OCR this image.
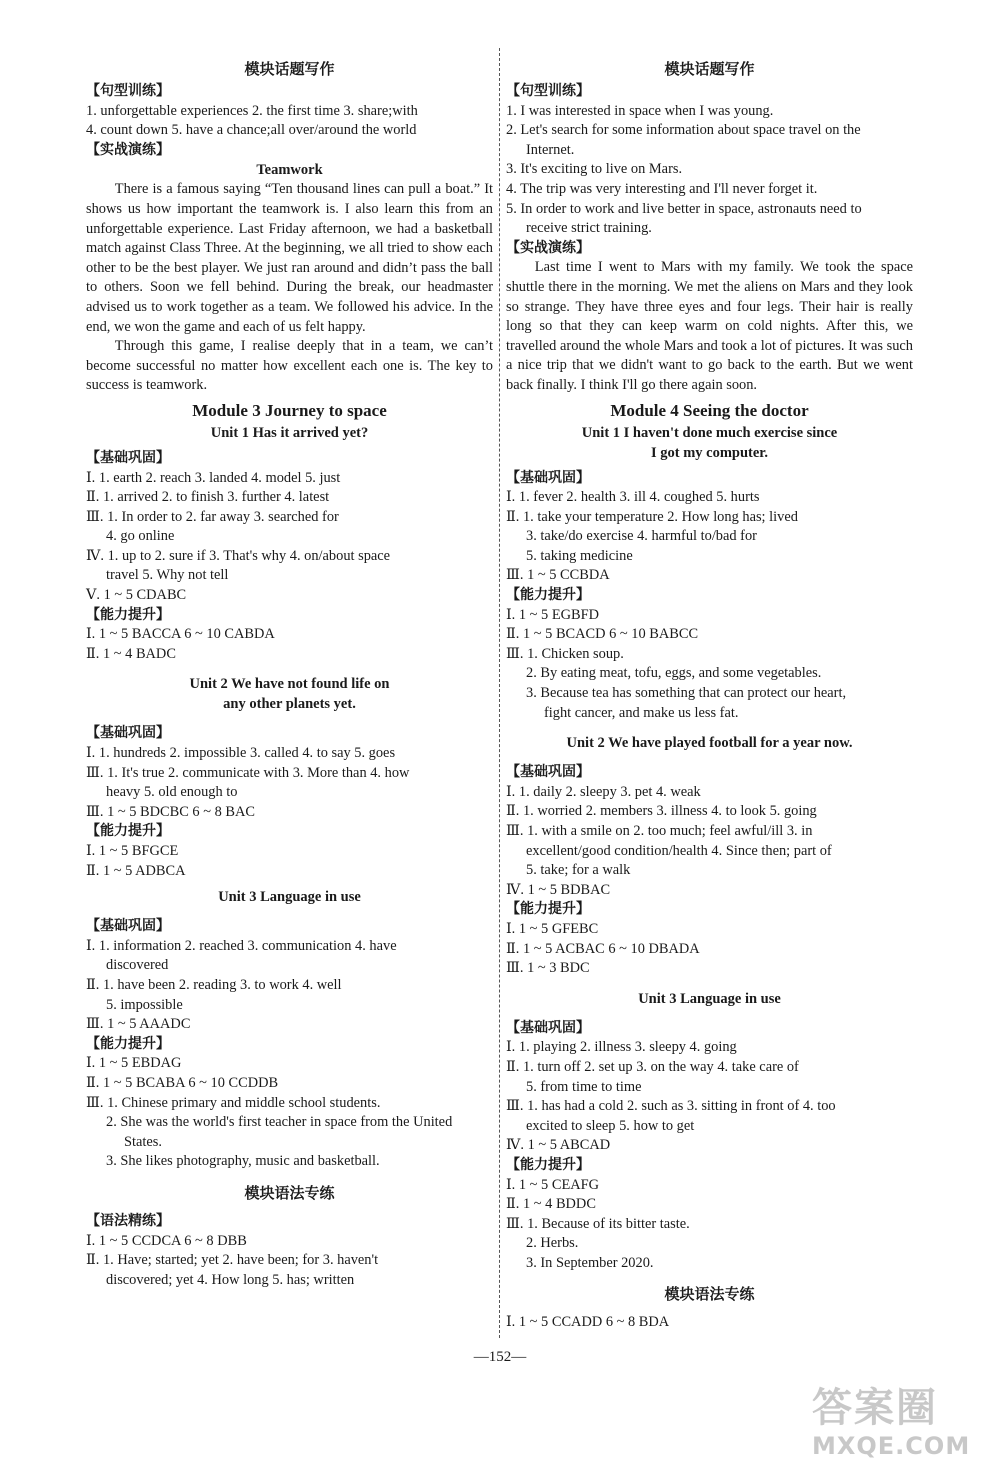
模块话题写作
【句型训练】
1. unforgettable experiences 2. the first time 3. share;with
4. count down 5. have a chance;all over/around the world
【实战演练】
Teamwork

There is a famous saying “Ten thousand lines can pull a boat.” It shows us how important the teamwork is. I also learn this from an unforgettable experience. Last Friday afternoon, we had a basketball match against Class Three. At the beginning, we all tried to show each other to be the best player. We just ran around and didn’t pass the ball to others. Soon we fell behind. During the break, our headmaster advised us to work together as a team. We followed his advice. In the end, we won the game and each of us felt happy.

Through this game, I realise deeply that in a team, we can’t become successful no matter how excellent each one is. The key to success is teamwork.

Module 3 Journey to space
Unit 1 Has it arrived yet?
【基础巩固】
Ⅰ. 1. earth 2. reach 3. landed 4. model 5. just
Ⅱ. 1. arrived 2. to finish 3. further 4. latest
Ⅲ. 1. In order to 2. far away 3. searched for
4. go online
Ⅳ. 1. up to 2. sure if 3. That's why 4. on/about space
travel 5. Why not tell
Ⅴ. 1 ~ 5 CDABC
【能力提升】
Ⅰ. 1 ~ 5 BACCA 6 ~ 10 CABDA
Ⅱ. 1 ~ 4 BADC
Unit 2 We have not found life on
any other planets yet.
【基础巩固】
Ⅰ. 1. hundreds 2. impossible 3. called 4. to say 5. goes
Ⅲ. 1. It's true 2. communicate with 3. More than 4. how
heavy 5. old enough to
Ⅲ. 1 ~ 5 BDCBC 6 ~ 8 BAC
【能力提升】
Ⅰ. 1 ~ 5 BFGCE
Ⅱ. 1 ~ 5 ADBCA
Unit 3 Language in use
【基础巩固】
Ⅰ. 1. information 2. reached 3. communication 4. have
discovered
Ⅱ. 1. have been 2. reading 3. to work 4. well
5. impossible
Ⅲ. 1 ~ 5 AAADC
【能力提升】
Ⅰ. 1 ~ 5 EBDAG
Ⅱ. 1 ~ 5 BCABA 6 ~ 10 CCDDB
Ⅲ. 1. Chinese primary and middle school students.
2. She was the world's first teacher in space from the United
States.
3. She likes photography, music and basketball.
模块语法专练
【语法精练】
Ⅰ. 1 ~ 5 CCDCA 6 ~ 8 DBB
Ⅱ. 1. Have; started; yet 2. have been; for 3. haven't
discovered; yet 4. How long 5. has; written
模块话题写作
【句型训练】
1. I was interested in space when I was young.
2. Let's search for some information about space travel on the
Internet.
3. It's exciting to live on Mars.
4. The trip was very interesting and I'll never forget it.
5. In order to work and live better in space, astronauts need to
receive strict training.
【实战演练】

Last time I went to Mars with my family. We took the space shuttle there in the morning. We met the aliens on Mars and they look so strange. They have three eyes and four legs. Their hair is really long so that they can keep warm on cold nights. After this, we travelled around the whole Mars and took a lot of pictures. It was such a nice trip that we didn't want to go back to the earth. But we went back finally. I think I'll go there again soon.

Module 4 Seeing the doctor
Unit 1 I haven't done much exercise since
I got my computer.
【基础巩固】
Ⅰ. 1. fever 2. health 3. ill 4. coughed 5. hurts
Ⅱ. 1. take your temperature 2. How long has; lived
3. take/do exercise 4. harmful to/bad for
5. taking medicine
Ⅲ. 1 ~ 5 CCBDA
【能力提升】
Ⅰ. 1 ~ 5 EGBFD
Ⅱ. 1 ~ 5 BCACD 6 ~ 10 BABCC
Ⅲ. 1. Chicken soup.
2. By eating meat, tofu, eggs, and some vegetables.
3. Because tea has something that can protect our heart,
fight cancer, and make us less fat.
Unit 2 We have played football for a year now.
【基础巩固】
Ⅰ. 1. daily 2. sleepy 3. pet 4. weak
Ⅱ. 1. worried 2. members 3. illness 4. to look 5. going
Ⅲ. 1. with a smile on 2. too much; feel awful/ill 3. in
excellent/good condition/health 4. Since then; part of
5. take; for a walk
Ⅳ. 1 ~ 5 BDBAC
【能力提升】
Ⅰ. 1 ~ 5 GFEBC
Ⅱ. 1 ~ 5 ACBAC 6 ~ 10 DBADA
Ⅲ. 1 ~ 3 BDC
Unit 3 Language in use
【基础巩固】
Ⅰ. 1. playing 2. illness 3. sleepy 4. going
Ⅱ. 1. turn off 2. set up 3. on the way 4. take care of
5. from time to time
Ⅲ. 1. has had a cold 2. such as 3. sitting in front of 4. too
excited to sleep 5. how to get
Ⅳ. 1 ~ 5 ABCAD
【能力提升】
Ⅰ. 1 ~ 5 CEAFG
Ⅱ. 1 ~ 4 BDDC
Ⅲ. 1. Because of its bitter taste.
2. Herbs.
3. In September 2020.
模块语法专练
Ⅰ. 1 ~ 5 CCADD 6 ~ 8 BDA
—152—
答案圈
MXQE.COM
